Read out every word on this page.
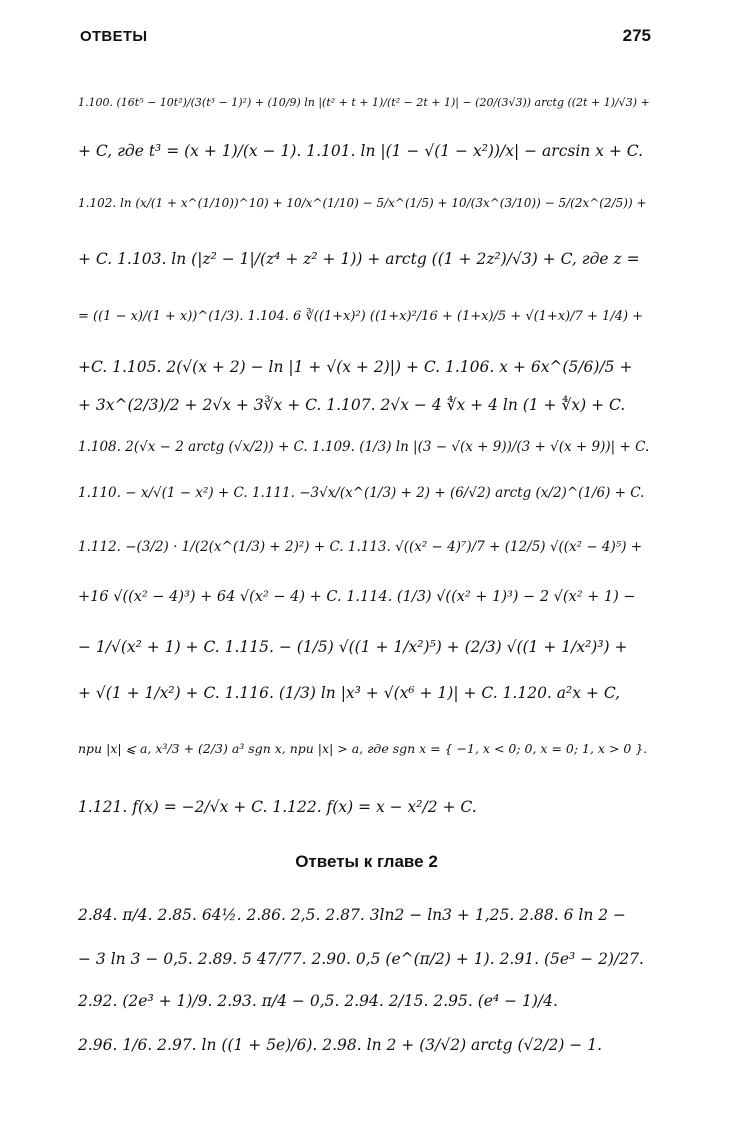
ОТВЕТЫ	275
1.100. (16t⁵ − 10t²)/(3(t³ − 1)²) + (10/9) ln |(t² + t + 1)/(t² − 2t + 1)| − (20/(3√3)) arctg ((2t + 1)/√3) +
+ C, где t³ = (x + 1)/(x − 1). 1.101. ln |(1 − √(1 − x²))/x| − arcsin x + C.
1.102. ln (x/(1 + x^(1/10))^10) + 10/x^(1/10) − 5/x^(1/5) + 10/(3x^(3/10)) − 5/(2x^(2/5)) +
+ C. 1.103. ln (|z² − 1|/(z⁴ + z² + 1)) + arctg ((1 + 2z²)/√3) + C, где z =
= ((1 − x)/(1 + x))^(1/3). 1.104. 6 ∛((1+x)²) ((1+x)²/16 + (1+x)/5 + √(1+x)/7 + 1/4) +
+C. 1.105. 2(√(x + 2) − ln |1 + √(x + 2)|) + C. 1.106. x + 6x^(5/6)/5 +
+ 3x^(2/3)/2 + 2√x + 3∛x + C. 1.107. 2√x − 4 ∜x + 4 ln (1 + ∜x) + C.
1.108. 2(√x − 2 arctg (√x/2)) + C. 1.109. (1/3) ln |(3 − √(x + 9))/(3 + √(x + 9))| + C.
1.110. − x/√(1 − x²) + C. 1.111. −3√x/(x^(1/3) + 2) + (6/√2) arctg (x/2)^(1/6) + C.
1.112. −(3/2) · 1/(2(x^(1/3) + 2)²) + C. 1.113. √((x² − 4)⁷)/7 + (12/5) √((x² − 4)⁵) +
+16 √((x² − 4)³) + 64 √(x² − 4) + C. 1.114. (1/3) √((x² + 1)³) − 2 √(x² + 1) −
− 1/√(x² + 1) + C. 1.115. − (1/5) √((1 + 1/x²)⁵) + (2/3) √((1 + 1/x²)³) +
+ √(1 + 1/x²) + C. 1.116. (1/3) ln |x³ + √(x⁶ + 1)| + C. 1.120. a²x + C,
при |x| ⩽ a, x³/3 + (2/3) a³ sgn x, при |x| > a, где sgn x = { −1, x < 0; 0, x = 0; 1, x > 0 }.
1.121. f(x) = −2/√x + C. 1.122. f(x) = x − x²/2 + C.
Ответы к главе 2
2.84. π/4. 2.85. 64½. 2.86. 2,5. 2.87. 3ln2 − ln3 + 1,25. 2.88. 6 ln 2 −
− 3 ln 3 − 0,5. 2.89. 5 47/77. 2.90. 0,5 (e^(π/2) + 1). 2.91. (5e³ − 2)/27.
2.92. (2e³ + 1)/9. 2.93. π/4 − 0,5. 2.94. 2/15. 2.95. (e⁴ − 1)/4.
2.96. 1/6. 2.97. ln ((1 + 5e)/6). 2.98. ln 2 + (3/√2) arctg (√2/2) − 1.
